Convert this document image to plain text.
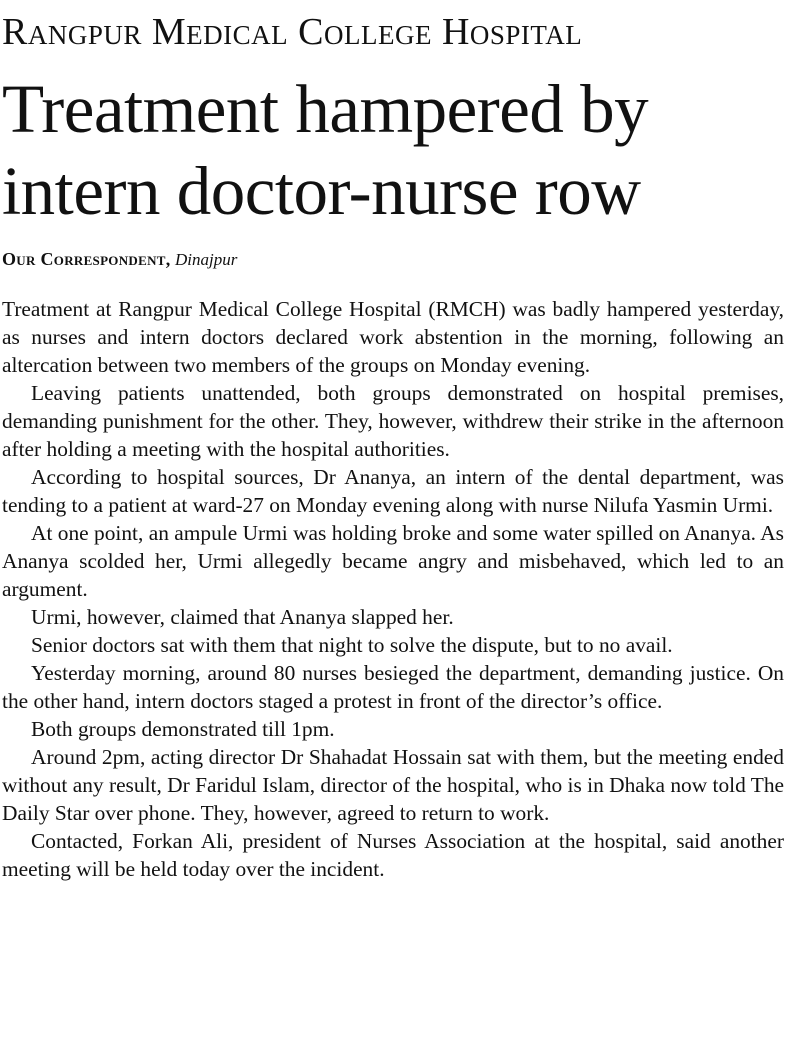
Rangpur Medical College Hospital
Treatment hampered by intern doctor-nurse row
Our Correspondent, Dinajpur

Treatment at Rangpur Medical College Hospital (RMCH) was badly hampered yesterday, as nurses and intern doctors declared work abstention in the morning, following an altercation between two members of the groups on Monday evening.

Leaving patients unattended, both groups demonstrated on hospital premises, demanding punishment for the other. They, however, withdrew their strike in the afternoon after holding a meeting with the hospital authorities.

According to hospital sources, Dr Ananya, an intern of the dental department, was tending to a patient at ward-27 on Monday evening along with nurse Nilufa Yasmin Urmi.

At one point, an ampule Urmi was holding broke and some water spilled on Ananya. As Ananya scolded her, Urmi allegedly became angry and misbehaved, which led to an argument.

Urmi, however, claimed that Ananya slapped her.

Senior doctors sat with them that night to solve the dispute, but to no avail.

Yesterday morning, around 80 nurses besieged the department, demanding justice. On the other hand, intern doctors staged a protest in front of the director’s office.

Both groups demonstrated till 1pm.

Around 2pm, acting director Dr Shahadat Hossain sat with them, but the meeting ended without any result, Dr Faridul Islam, director of the hospital, who is in Dhaka now told The Daily Star over phone. They, however, agreed to return to work.

Contacted, Forkan Ali, president of Nurses Association at the hospital, said another meeting will be held today over the incident.
